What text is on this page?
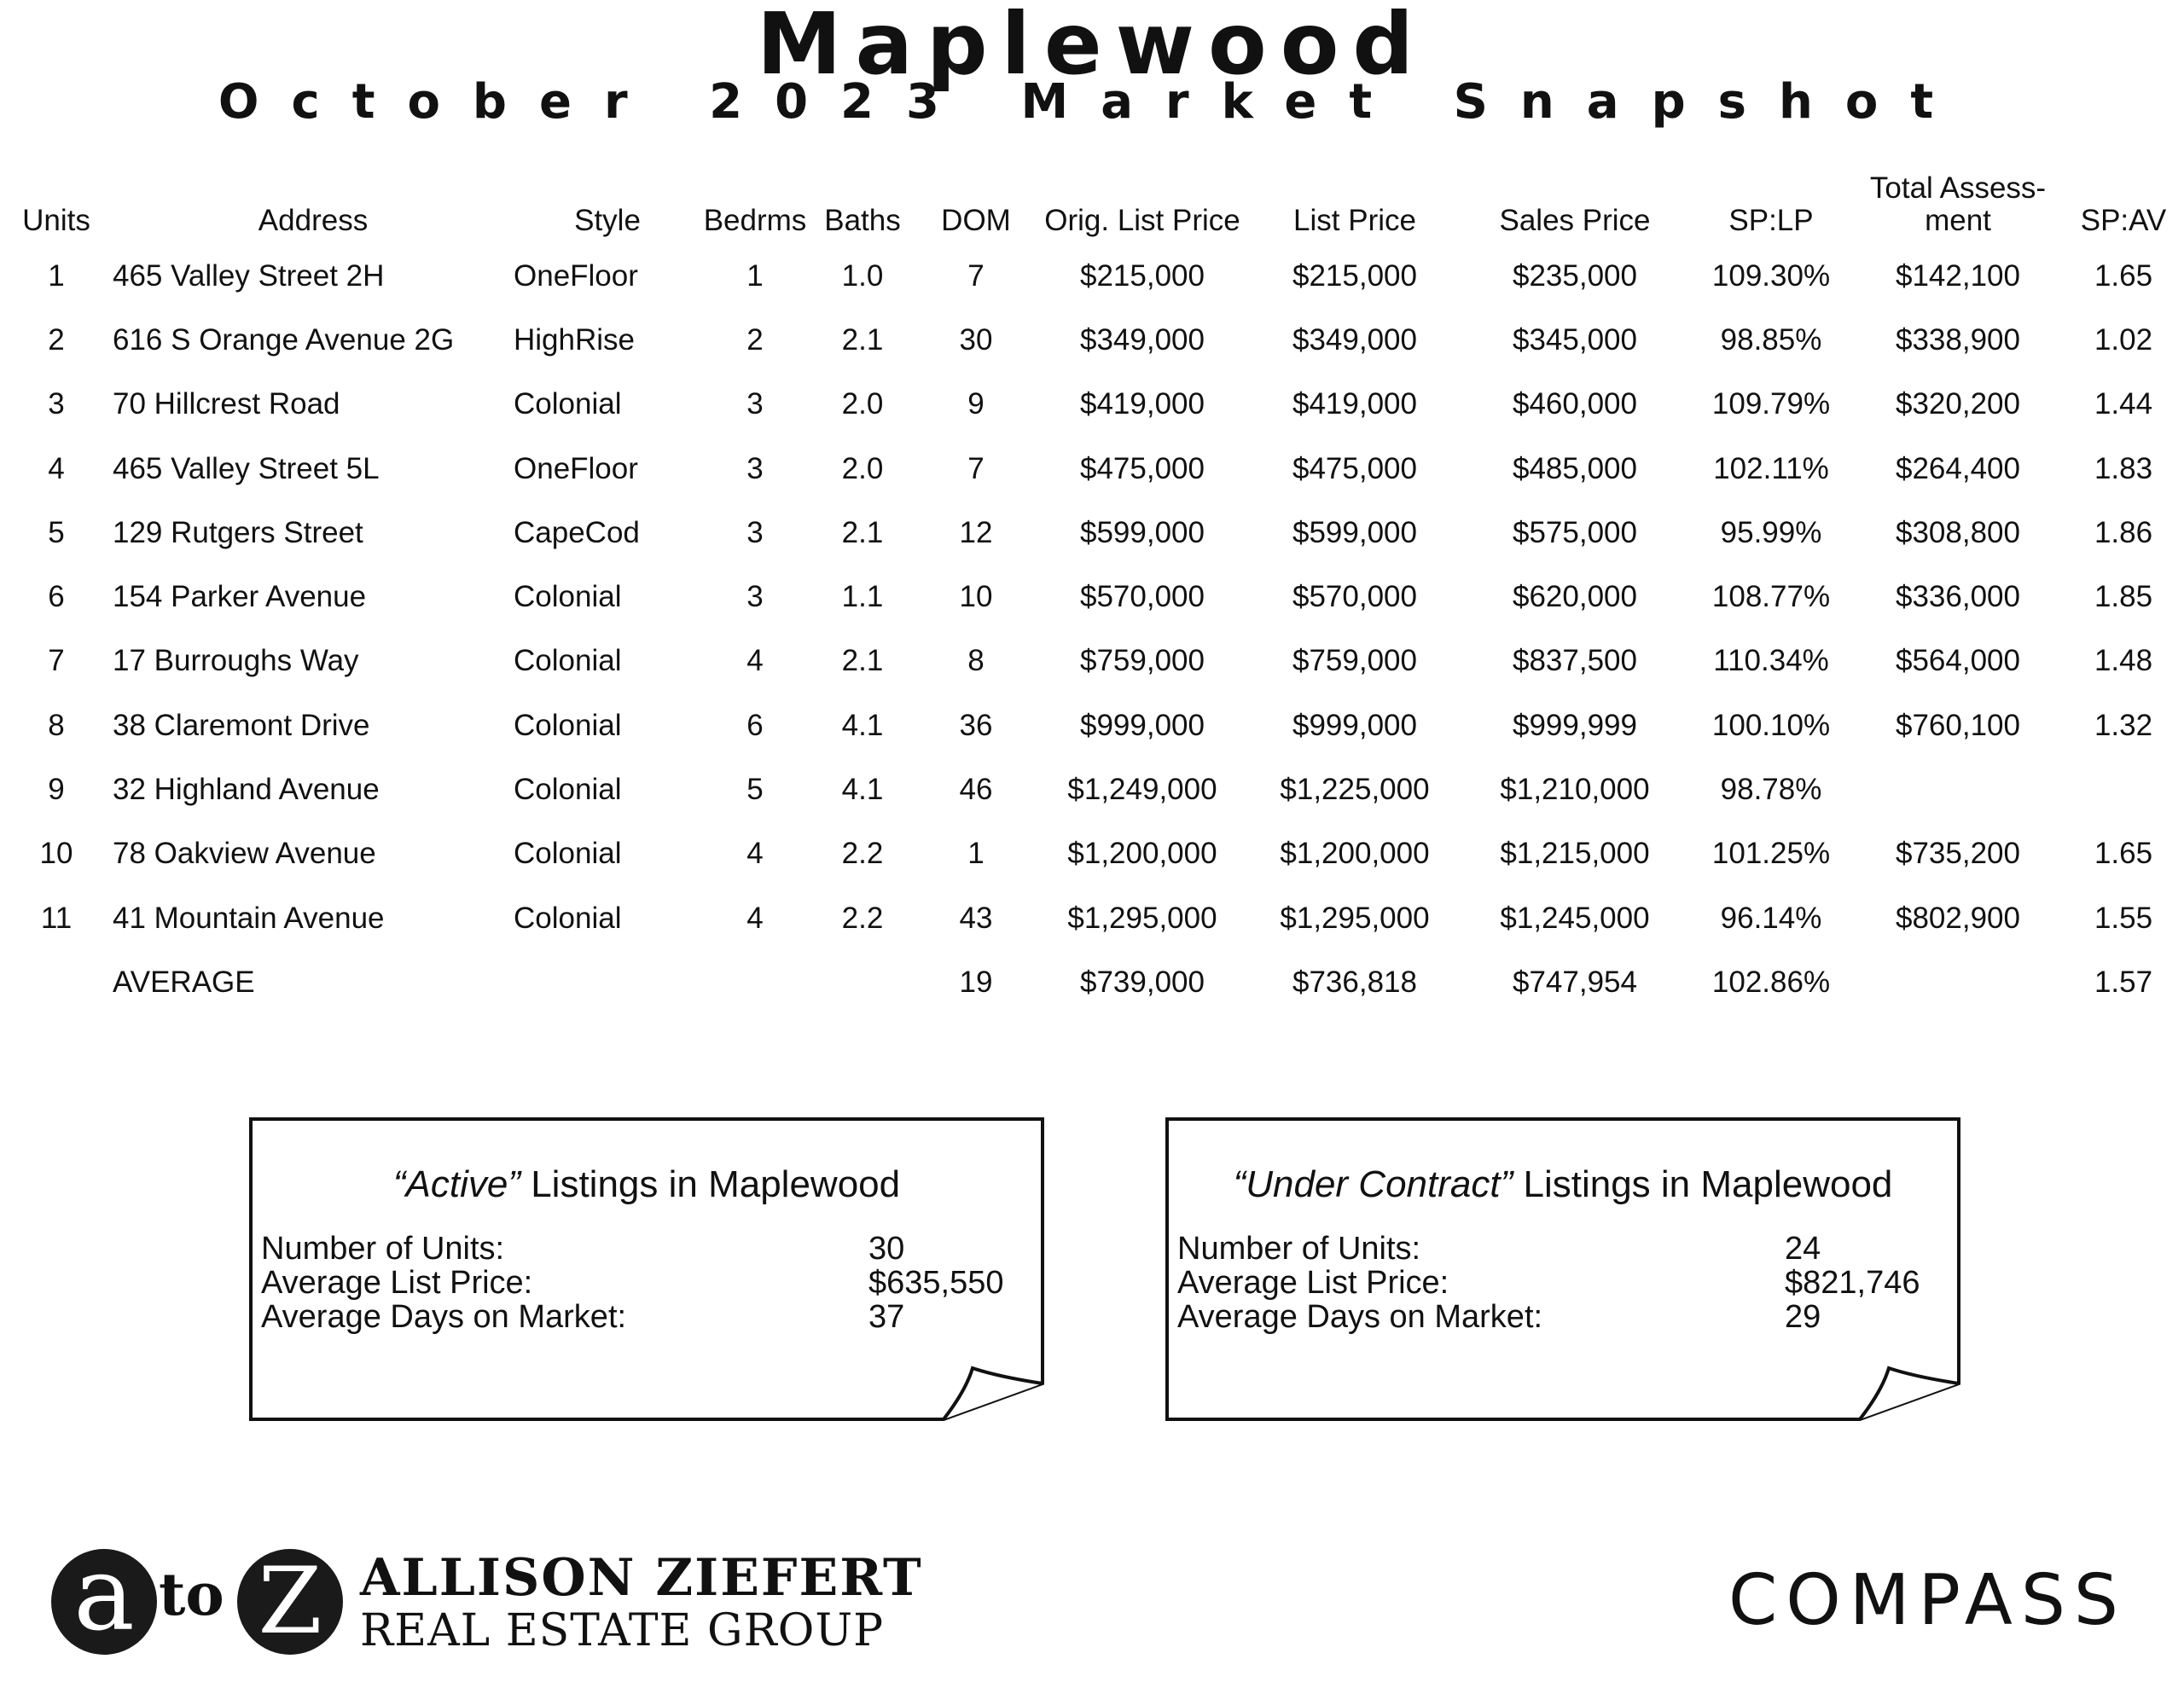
Maplewood
October 2023 Market Snapshot
Units	Address	Style	Bedrms	Baths	DOM	Orig. List Price	List Price	Sales Price	SP:LP	Total Assess-
ment	SP:AV
1	465 Valley Street 2H	OneFloor	1	1.0	7	$215,000	$215,000	$235,000	109.30%	$142,100	1.65
2	616 S Orange Avenue 2G	HighRise	2	2.1	30	$349,000	$349,000	$345,000	98.85%	$338,900	1.02
3	70 Hillcrest Road	Colonial	3	2.0	9	$419,000	$419,000	$460,000	109.79%	$320,200	1.44
4	465 Valley Street 5L	OneFloor	3	2.0	7	$475,000	$475,000	$485,000	102.11%	$264,400	1.83
5	129 Rutgers Street	CapeCod	3	2.1	12	$599,000	$599,000	$575,000	95.99%	$308,800	1.86
6	154 Parker Avenue	Colonial	3	1.1	10	$570,000	$570,000	$620,000	108.77%	$336,000	1.85
7	17 Burroughs Way	Colonial	4	2.1	8	$759,000	$759,000	$837,500	110.34%	$564,000	1.48
8	38 Claremont Drive	Colonial	6	4.1	36	$999,000	$999,000	$999,999	100.10%	$760,100	1.32
9	32 Highland Avenue	Colonial	5	4.1	46	$1,249,000	$1,225,000	$1,210,000	98.78%		
10	78 Oakview Avenue	Colonial	4	2.2	1	$1,200,000	$1,200,000	$1,215,000	101.25%	$735,200	1.65
11	41 Mountain Avenue	Colonial	4	2.2	43	$1,295,000	$1,295,000	$1,245,000	96.14%	$802,900	1.55
	AVERAGE				19	$739,000	$736,818	$747,954	102.86%		1.57
“Active” Listings in Maplewood
Number of Units:	30
Average List Price:	$635,550
Average Days on Market:	37
“Under Contract” Listings in Maplewood
Number of Units:	24
Average List Price:	$821,746
Average Days on Market:	29
a to Z ALLISON ZIEFERT
REAL ESTATE GROUP	COMPASS
